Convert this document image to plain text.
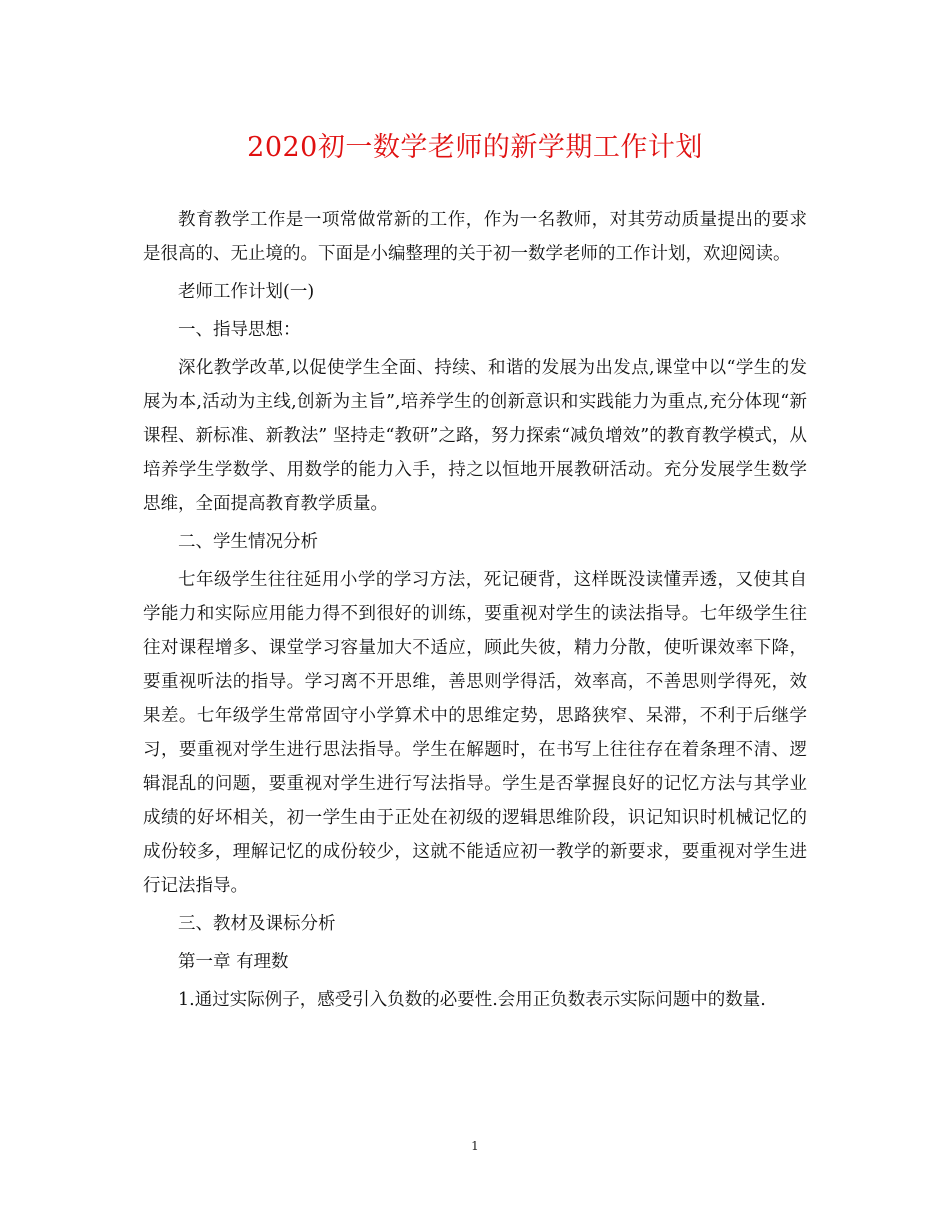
2020初一数学老师的新学期工作计划

教育教学工作是一项常做常新的工作，作为一名教师，对其劳动质量提出的要求是很高的、无止境的。下面是小编整理的关于初一数学老师的工作计划，欢迎阅读。

老师工作计划(一)

一、指导思想：

深化教学改革,以促使学生全面、持续、和谐的发展为出发点,课堂中以“学生的发展为本,活动为主线,创新为主旨”,培养学生的创新意识和实践能力为重点,充分体现“新课程、新标准、新教法” 坚持走“教研”之路，努力探索“减负增效”的教育教学模式，从培养学生学数学、用数学的能力入手，持之以恒地开展教研活动。充分发展学生数学思维，全面提高教育教学质量。

二、学生情况分析

七年级学生往往延用小学的学习方法，死记硬背，这样既没读懂弄透，又使其自学能力和实际应用能力得不到很好的训练，要重视对学生的读法指导。七年级学生往往对课程增多、课堂学习容量加大不适应，顾此失彼，精力分散，使听课效率下降，要重视听法的指导。学习离不开思维，善思则学得活，效率高，不善思则学得死，效果差。七年级学生常常固守小学算术中的思维定势，思路狭窄、呆滞，不利于后继学习，要重视对学生进行思法指导。学生在解题时，在书写上往往存在着条理不清、逻辑混乱的问题，要重视对学生进行写法指导。学生是否掌握良好的记忆方法与其学业成绩的好坏相关，初一学生由于正处在初级的逻辑思维阶段，识记知识时机械记忆的成份较多，理解记忆的成份较少，这就不能适应初一教学的新要求，要重视对学生进行记法指导。

三、教材及课标分析

第一章 有理数

1.通过实际例子，感受引入负数的必要性.会用正负数表示实际问题中的数量.

1
